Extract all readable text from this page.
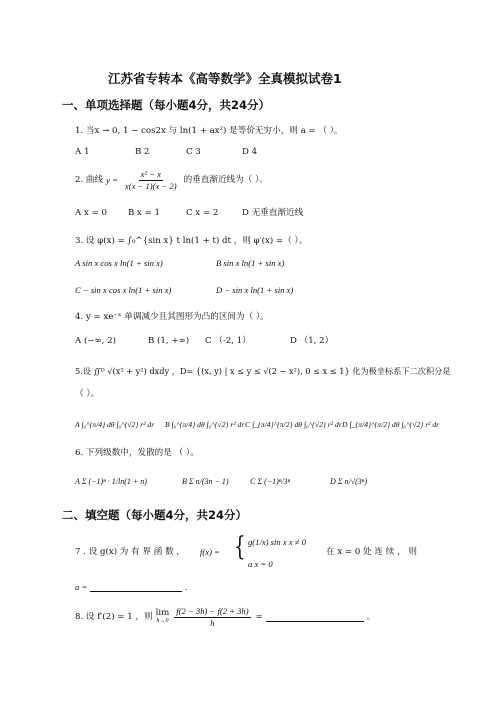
江苏省专转本《高等数学》全真模拟试卷1
一、单项选择题（每小题4分，共24分）
1. 当x → 0, 1 − cos2x 与 ln(1 + ax²) 是等价无穷小，则 a = （ ）。
A 1	B 2	C 3	D 4
2. 曲线 $y = \frac{\text{x² − x}}{x(x - 1)(x - 2)}$ 的垂直渐近线为（ ）。
A x = 0 B x = 1	C x = 2	D 无垂直渐近线
3. 设 φ(x) = ∫₀^{sin x} t ln(1 + t) dt ，则 φ′(x) =（ ）。
A sin x cos x ln(1 + sin x)	B sin x ln(1 + sin x)
C − sin x cos x ln(1 + sin x)	D − sin x ln(1 + sin x)
4. y = xe⁻ˣ 单调减少且其图形为凸的区间为（ ）。
A (−∞, 2)	B (1, +∞) C （-2, 1）	D （1, 2）
5.设 ∬ᴰ √(x² + y²) dxdy ，D= {(x, y) | x ≤ y ≤ √(2 − x²), 0 ≤ x ≤ 1} 化为极坐标系下二次积分是
（ ）。
A ∫₀^{π/4} dθ ∫₀^{√2} r² dr B ∫₀^{π/4} dθ ∫₀^{√2} r² dr C ∫_{π/4}^{π/2} dθ ∫₀^{√2} r² dr D ∫_{π/4}^{π/2} dθ ∫₀^{√2} r² dr
6. 下列级数中，发散的是 （ ）。
A Σ (−1)ⁿ · 1/ln(1 + n)	B Σ n/(3n − 1)	C Σ (−1)ⁿ/3ⁿ	D Σ n/√(3ⁿ)
二、填空题（每小题4分，共24分）
7 . 设 g(x) 为 有 界 函 数 ， f(x) = { g(1/x) sin x x ≠ 0
a x = 0
在 x = 0 处 连 续 ， 则
a =	.
8. 设 f′(2) = 1 ，则 lim
$h\to 0 \frac{f(2 - 3h) - f(2 + 3h)}{h}$ =	。
